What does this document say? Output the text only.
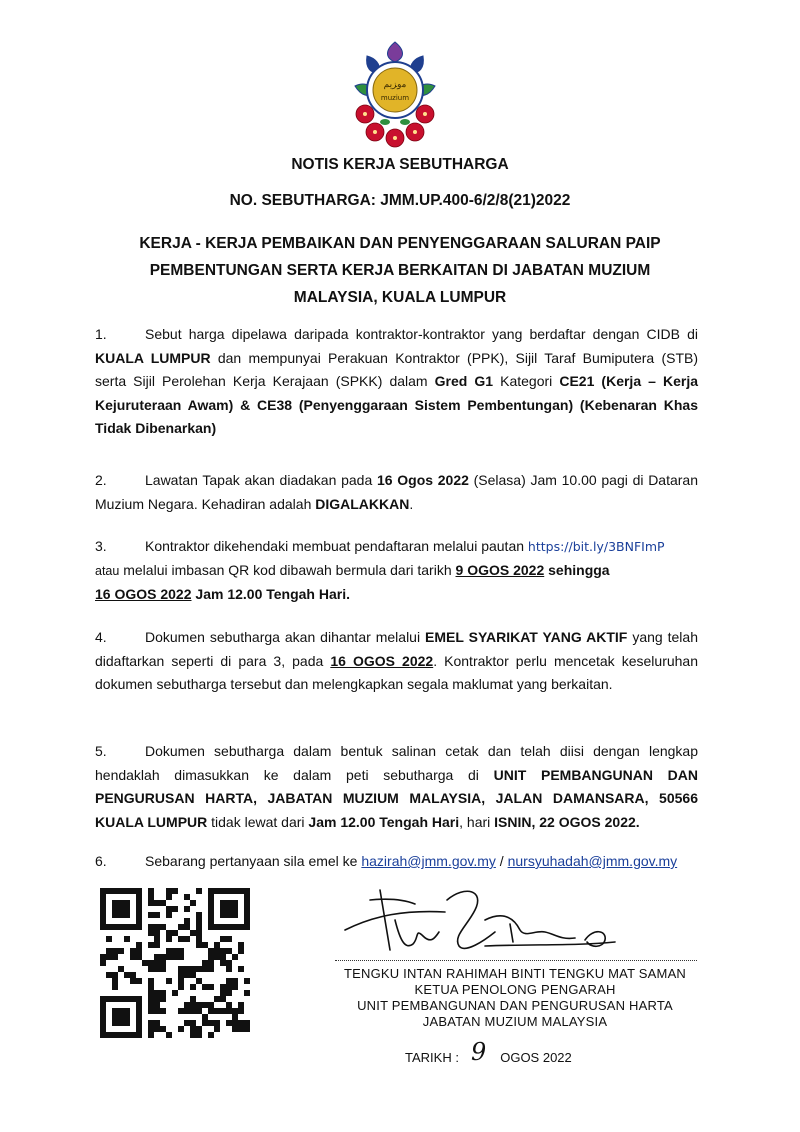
ﻣﻭﺰﻳﻢ
muzium
NOTIS KERJA SEBUTHARGA
NO. SEBUTHARGA: JMM.UP.400-6/2/8(21)2022
KERJA - KERJA PEMBAIKAN DAN PENYENGGARAAN SALURAN PAIP
PEMBENTUNGAN SERTA KERJA BERKAITAN DI JABATAN MUZIUM
MALAYSIA, KUALA LUMPUR
1.	Sebut harga dipelawa daripada kontraktor-kontraktor yang berdaftar dengan CIDB di KUALA LUMPUR dan mempunyai Perakuan Kontraktor (PPK), Sijil Taraf Bumiputera (STB) serta Sijil Perolehan Kerja Kerajaan (SPKK) dalam Gred G1 Kategori CE21 (Kerja – Kerja Kejuruteraan Awam) & CE38 (Penyenggaraan Sistem Pembentungan) (Kebenaran Khas Tidak Dibenarkan)
2.	Lawatan Tapak akan diadakan pada 16 Ogos 2022 (Selasa) Jam 10.00 pagi di Dataran Muzium Negara. Kehadiran adalah DIGALAKKAN.
3.	Kontraktor dikehendaki membuat pendaftaran melalui pautan https://bit.ly/3BNFImP
atau melalui imbasan QR kod dibawah bermula dari tarikh 9 OGOS 2022 sehingga
16 OGOS 2022 Jam 12.00 Tengah Hari.
4.	Dokumen sebutharga akan dihantar melalui EMEL SYARIKAT YANG AKTIF yang telah didaftarkan seperti di para 3, pada 16 OGOS 2022. Kontraktor perlu mencetak keseluruhan dokumen sebutharga tersebut dan melengkapkan segala maklumat yang berkaitan.
5.	Dokumen sebutharga dalam bentuk salinan cetak dan telah diisi dengan lengkap hendaklah dimasukkan ke dalam peti sebutharga di UNIT PEMBANGUNAN DAN PENGURUSAN HARTA, JABATAN MUZIUM MALAYSIA, JALAN DAMANSARA, 50566 KUALA LUMPUR tidak lewat dari Jam 12.00 Tengah Hari, hari ISNIN, 22 OGOS 2022.
6.	Sebarang pertanyaan sila emel ke hazirah@jmm.gov.my / nursyuhadah@jmm.gov.my
TENGKU INTAN RAHIMAH BINTI TENGKU MAT SAMAN
KETUA PENOLONG PENGARAH
UNIT PEMBANGUNAN DAN PENGURUSAN HARTA
JABATAN MUZIUM MALAYSIA
TARIKH : 9 OGOS 2022
